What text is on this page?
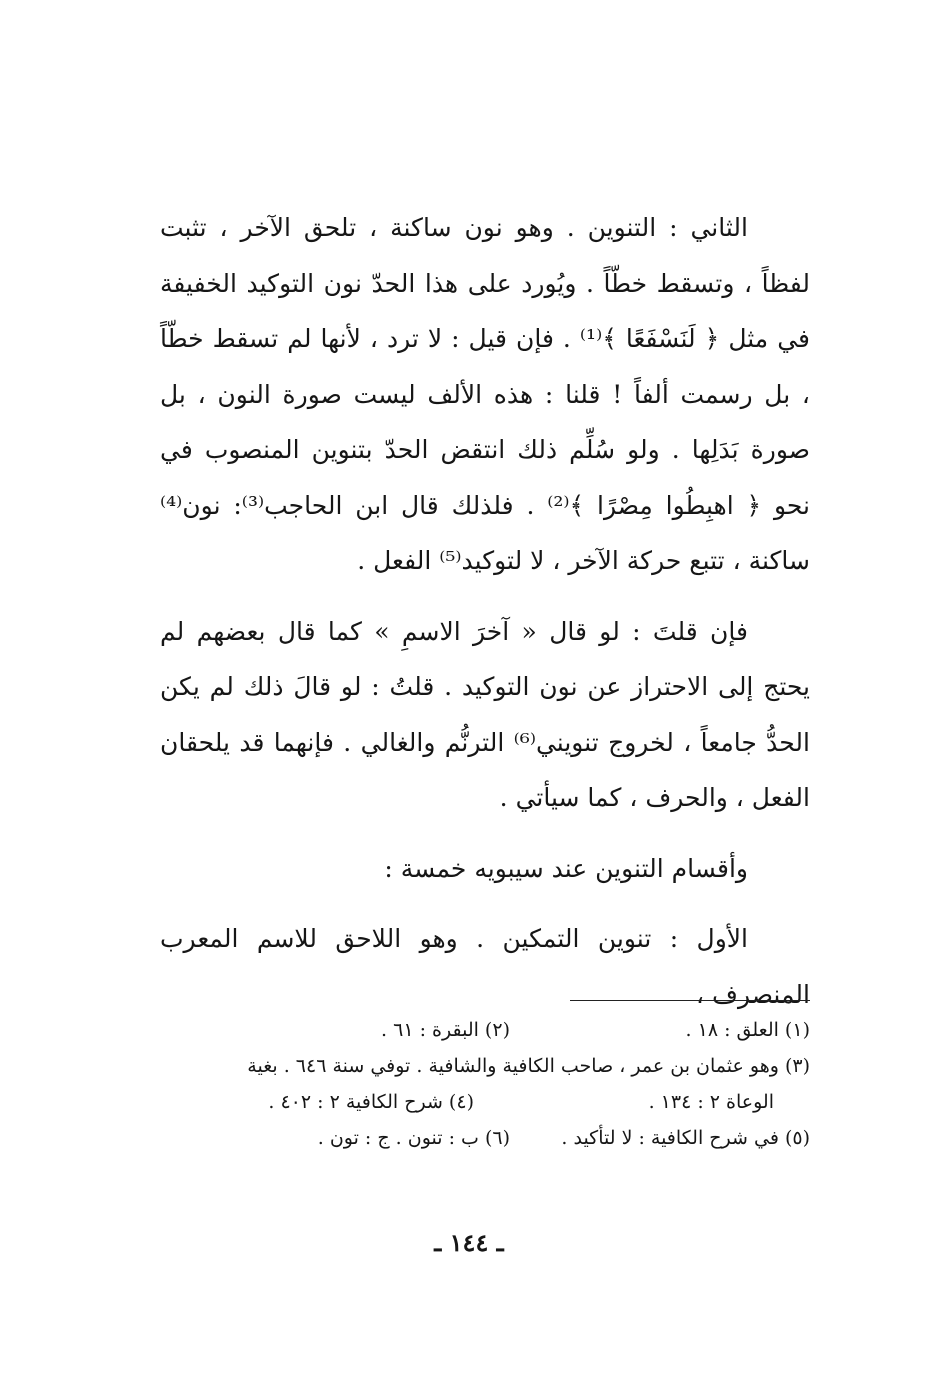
الثاني : التنوين . وهو نون ساكنة ، تلحق الآخر ، تثبت لفظاً ، وتسقط خطّاً . ويُورد على هذا الحدّ نون التوكيد الخفيفة في مثل ﴿ لَنَسْفَعًا ﴾⁽¹⁾ . فإن قيل : لا ترد ، لأنها لم تسقط خطّاً ، بل رسمت ألفاً ! قلنا : هذه الألف ليست صورة النون ، بل صورة بَدَلِها . ولو سُلِّم ذلك انتقض الحدّ بتنوين المنصوب في نحو ﴿ اهبِطُوا مِصْرًا ﴾⁽²⁾ . فلذلك قال ابن الحاجب⁽³⁾: نون⁽⁴⁾ ساكنة ، تتبع حركة الآخر ، لا لتوكيد⁽⁵⁾ الفعل .

فإن قلتَ : لو قال « آخرَ الاسمِ » كما قال بعضهم لم يحتج إلى الاحتراز عن نون التوكيد . قلتُ : لو قالَ ذلك لم يكن الحدُّ جامعاً ، لخروج تنويني⁽⁶⁾ الترنُّم والغالي . فإنهما قد يلحقان الفعل ، والحرف ، كما سيأتي .

وأقسام التنوين عند سيبويه خمسة :

الأول : تنوين التمكين . وهو اللاحق للاسم المعرب المنصرف ،

(١) العلق : ١٨ .
(٢) البقرة : ٦١ .
(٣) وهو عثمان بن عمر ، صاحب الكافية والشافية . توفي سنة ٦٤٦ . بغية
الوعاة ٢ : ١٣٤ .
(٤) شرح الكافية ٢ : ٤٠٢ .
(٥) في شرح الكافية : لا لتأكيد .
(٦) ب : تنون . ج : تون .
ـ ١٤٤ ـ
